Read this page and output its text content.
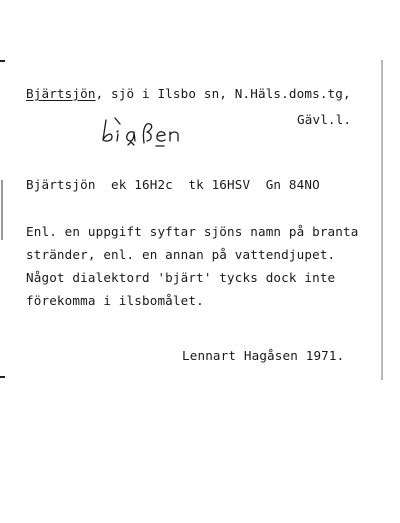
Bjärtsjön, sjö i Ilsbo sn, N.Häls.doms.tg,
Gävl.l.
Bjärtsjön  ek 16H2c  tk 16HSV  Gn 84NO
Enl. en uppgift syftar sjöns namn på branta
stränder, enl. en annan på vattendjupet.
Något dialektord 'bjärt' tycks dock inte
förekomma i ilsbomålet.
Lennart Hagåsen 1971.
